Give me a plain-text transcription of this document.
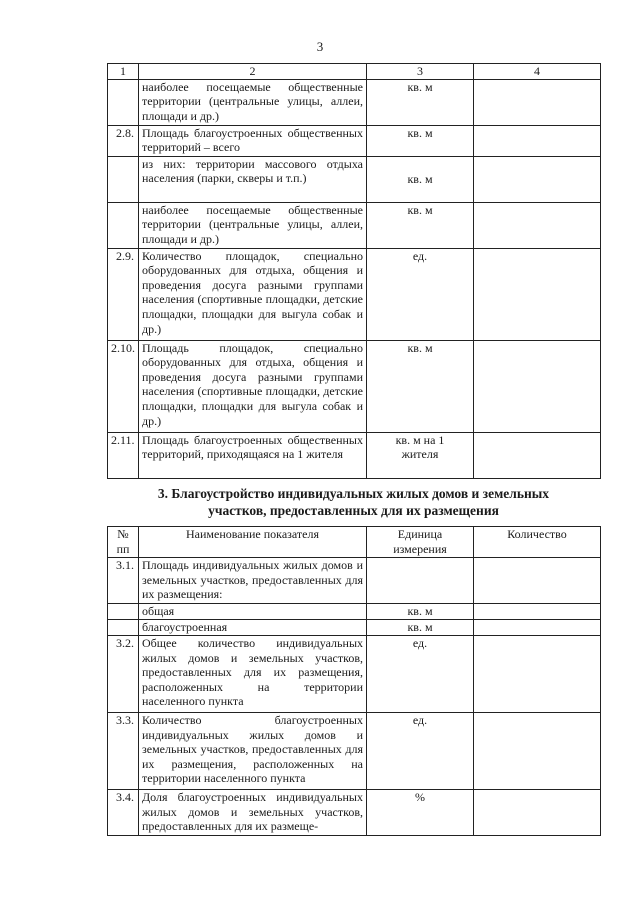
3
1	2	3	4
	наиболее посещаемые общественные территории (центральные улицы, аллеи, площади и др.)	кв. м	
2.8.	Площадь благоустроенных общественных территорий – всего	кв. м	
	из них: территории массового отдыха населения (парки, скверы и т.п.)	кв. м	
	наиболее посещаемые общественные территории (центральные улицы, аллеи, площади и др.)	кв. м	
2.9.	Количество площадок, специально оборудованных для отдыха, общения и проведения досуга разными группами населения (спортивные площадки, детские площадки, площадки для выгула собак и др.)	ед.	
2.10.	Площадь площадок, специально оборудованных для отдыха, общения и проведения досуга разными группами населения (спортивные площадки, детские площадки, площадки для выгула собак и др.)	кв. м	
2.11.	Площадь благоустроенных общественных территорий, приходящаяся на 1 жителя	кв. м на 1 жителя	
3. Благоустройство индивидуальных жилых домов и земельных
участков, предоставленных для их размещения
№ пп	Наименование показателя	Единица измерения	Количество
3.1.	Площадь индивидуальных жилых домов и земельных участков, предоставленных для их размещения:		
	общая	кв. м	
	благоустроенная	кв. м	
3.2.	Общее количество индивидуальных жилых домов и земельных участков, предоставленных для их размещения, расположенных на территории населенного пункта	ед.	
3.3.	Количество благоустроенных индивидуальных жилых домов и земельных участков, предоставленных для их размещения, расположенных на территории населенного пункта	ед.	
3.4.	Доля благоустроенных индивидуальных жилых домов и земельных участков, предоставленных для их размеще-	%	
